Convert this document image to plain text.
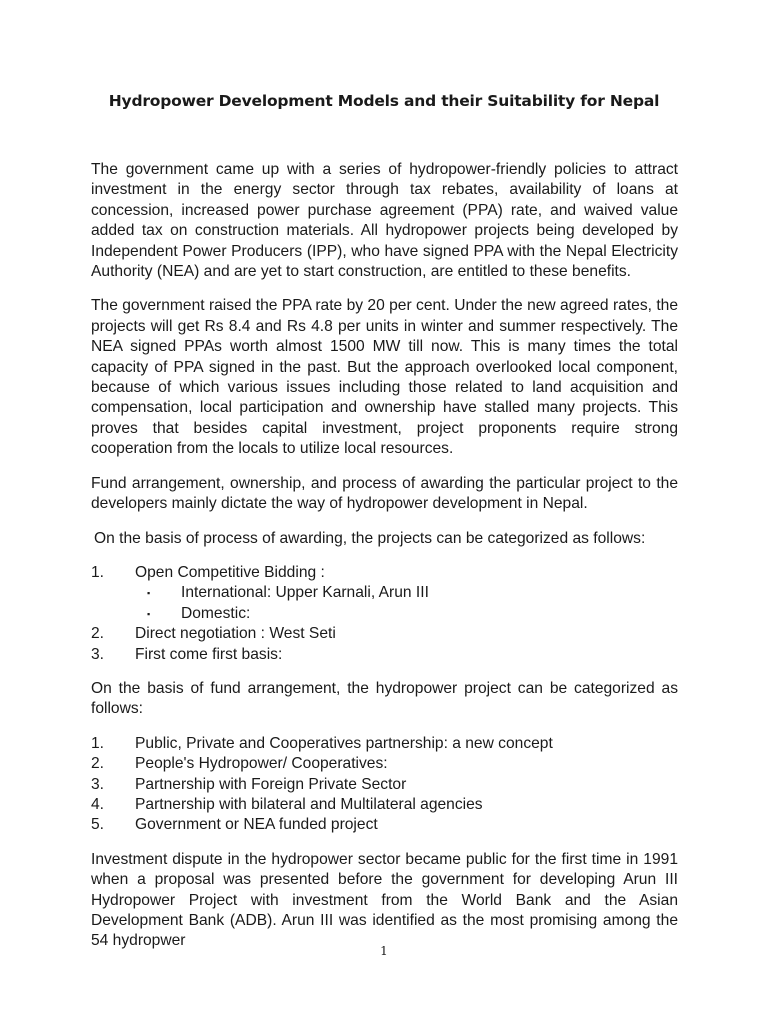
Hydropower Development Models and their Suitability for Nepal

The government came up with a series of hydropower-friendly policies to attract investment in the energy sector through tax rebates, availability of loans at concession, increased power purchase agreement (PPA) rate, and waived value added tax on construction materials. All hydropower projects being developed by Independent Power Producers (IPP), who have signed PPA with the Nepal Electricity Authority (NEA) and are yet to start construction, are entitled to these benefits.

The government raised the PPA rate by 20 per cent. Under the new agreed rates, the projects will get Rs 8.4 and Rs 4.8 per units in winter and summer respectively. The NEA signed PPAs worth almost 1500 MW till now. This is many times the total capacity of PPA signed in the past. But the approach overlooked local component, because of which various issues including those related to land acquisition and compensation, local participation and ownership have stalled many projects. This proves that besides capital investment, project proponents require strong cooperation from the locals to utilize local resources.

Fund arrangement, ownership, and process of awarding the particular project to the developers mainly dictate the way of hydropower development in Nepal.

On the basis of process of awarding, the projects can be categorized as follows:

1. Open Competitive Bidding :
▪ International: Upper Karnali, Arun III
▪ Domestic:
2. Direct negotiation : West Seti
3. First come first basis:

On the basis of fund arrangement, the hydropower project can be categorized as follows:

1. Public, Private and Cooperatives partnership: a new concept
2. People's Hydropower/ Cooperatives:
3. Partnership with Foreign Private Sector
4. Partnership with bilateral and Multilateral agencies
5. Government or NEA funded project

Investment dispute in the hydropower sector became public for the first time in 1991 when a proposal was presented before the government for developing Arun III Hydropower Project with investment from the World Bank and the Asian Development Bank (ADB). Arun III was identified as the most promising among the 54 hydropwer

1
